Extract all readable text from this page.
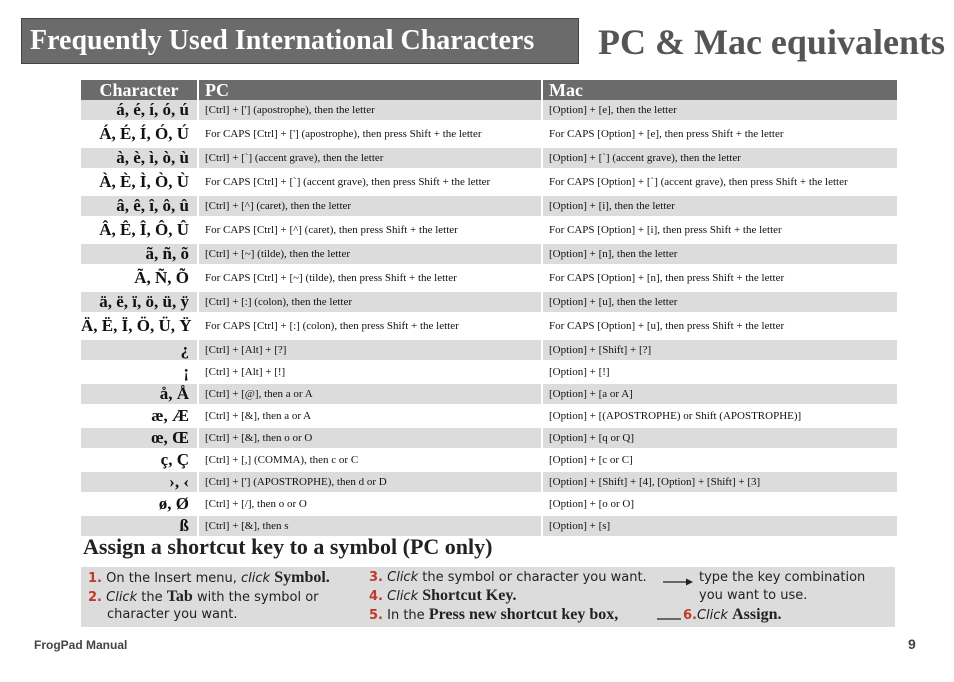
Frequently Used International Characters	PC & Mac equivalents
Character	PC	Mac
á, é, í, ó, ú	[Ctrl] + ['] (apostrophe), then the letter	[Option] + [e], then the letter
Á, É, Í, Ó, Ú	For CAPS [Ctrl] + ['] (apostrophe), then press Shift + the letter	For CAPS [Option] + [e], then press Shift + the letter
à, è, ì, ò, ù	[Ctrl] + [`] (accent grave), then the letter	[Option] + [`] (accent grave), then the letter
À, È, Ì, Ò, Ù	For CAPS [Ctrl] + [`] (accent grave), then press Shift + the letter	For CAPS [Option] + [`] (accent grave), then press Shift + the letter
â, ê, î, ô, û	[Ctrl] + [^] (caret), then the letter	[Option] + [i], then the letter
Â, Ê, Î, Ô, Û	For CAPS [Ctrl] + [^] (caret), then press Shift + the letter	For CAPS [Option] + [i], then press Shift + the letter
ã, ñ, õ	[Ctrl] + [~] (tilde), then the letter	[Option] + [n], then the letter
Ã, Ñ, Õ	For CAPS [Ctrl] + [~] (tilde), then press Shift + the letter	For CAPS [Option] + [n], then press Shift + the letter
ä, ë, ï, ö, ü, ÿ	[Ctrl] + [:] (colon), then the letter	[Option] + [u], then the letter
Ä, Ë, Ï, Ö, Ü, Ÿ	For CAPS [Ctrl] + [:] (colon), then press Shift + the letter	For CAPS [Option] + [u], then press Shift + the letter
¿	[Ctrl] + [Alt] + [?]	[Option] + [Shift] + [?]
¡	[Ctrl] + [Alt] + [!]	[Option] + [!]
å, Å	[Ctrl] + [@], then a or A	[Option] + [a or A]
æ, Æ	[Ctrl] + [&], then a or A	[Option] + [(APOSTROPHE) or Shift (APOSTROPHE)]
œ, Œ	[Ctrl] + [&], then o or O	[Option] + [q or Q]
ç, Ç	[Ctrl] + [,] (COMMA), then c or C	[Option] + [c or C]
›, ‹	[Ctrl] + ['] (APOSTROPHE), then d or D	[Option] + [Shift] + [4], [Option] + [Shift] + [3]
ø, Ø	[Ctrl] + [/], then o or O	[Option] + [o or O]
ß	[Ctrl] + [&], then s	[Option] + [s]
Assign a shortcut key to a symbol (PC only)
1. On the Insert menu, click Symbol.
2. Click the Tab with the symbol or
character you want.
3. Click the symbol or character you want.
4. Click Shortcut Key.
5. In the Press new shortcut key box,
type the key combination
you want to use.
6.Click Assign.
FrogPad Manual	9
